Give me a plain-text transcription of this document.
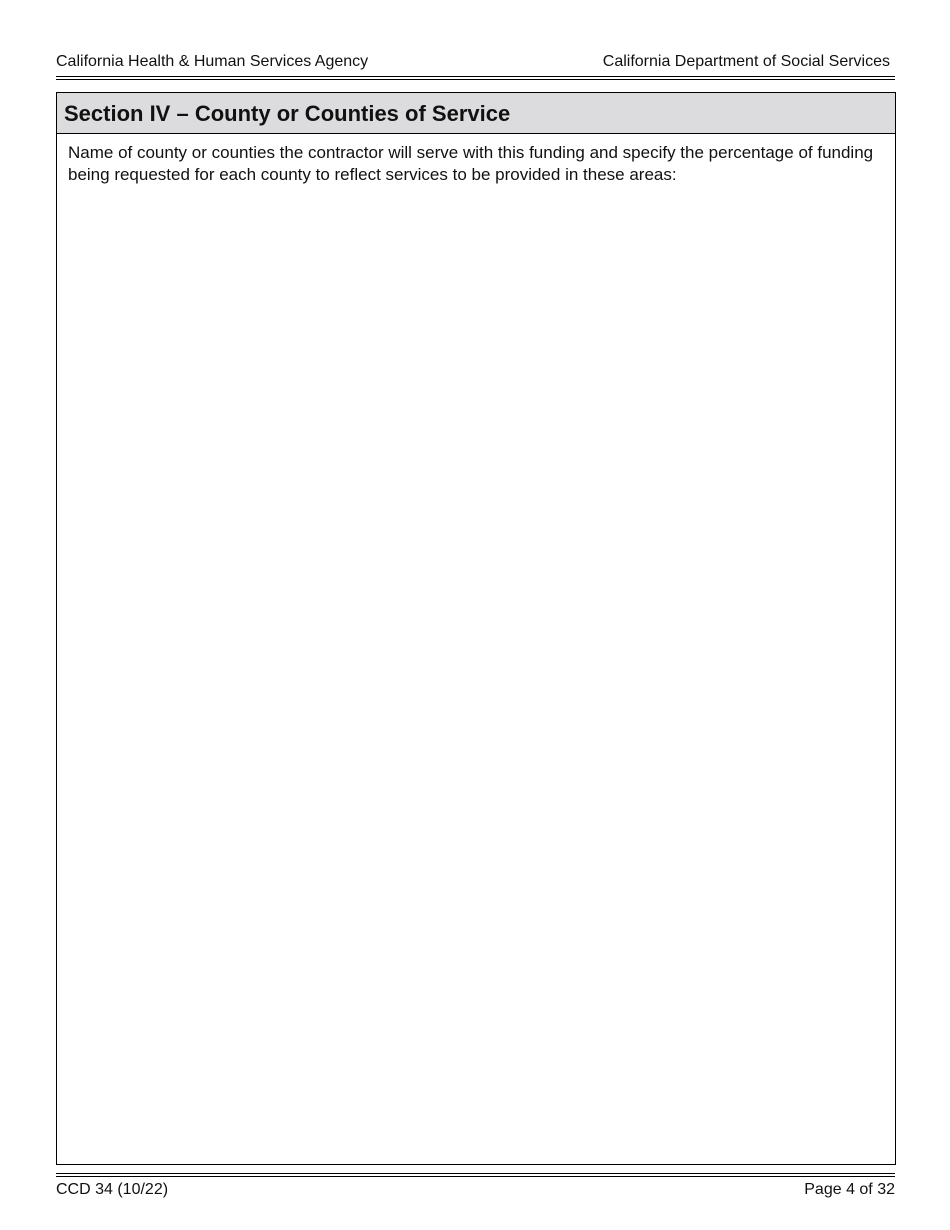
California Health & Human Services Agency	California Department of Social Services
Section IV – County or Counties of Service

Name of county or counties the contractor will serve with this funding and specify the percentage of funding being requested for each county to reflect services to be provided in these areas:

CCD 34 (10/22)	Page 4 of 32
